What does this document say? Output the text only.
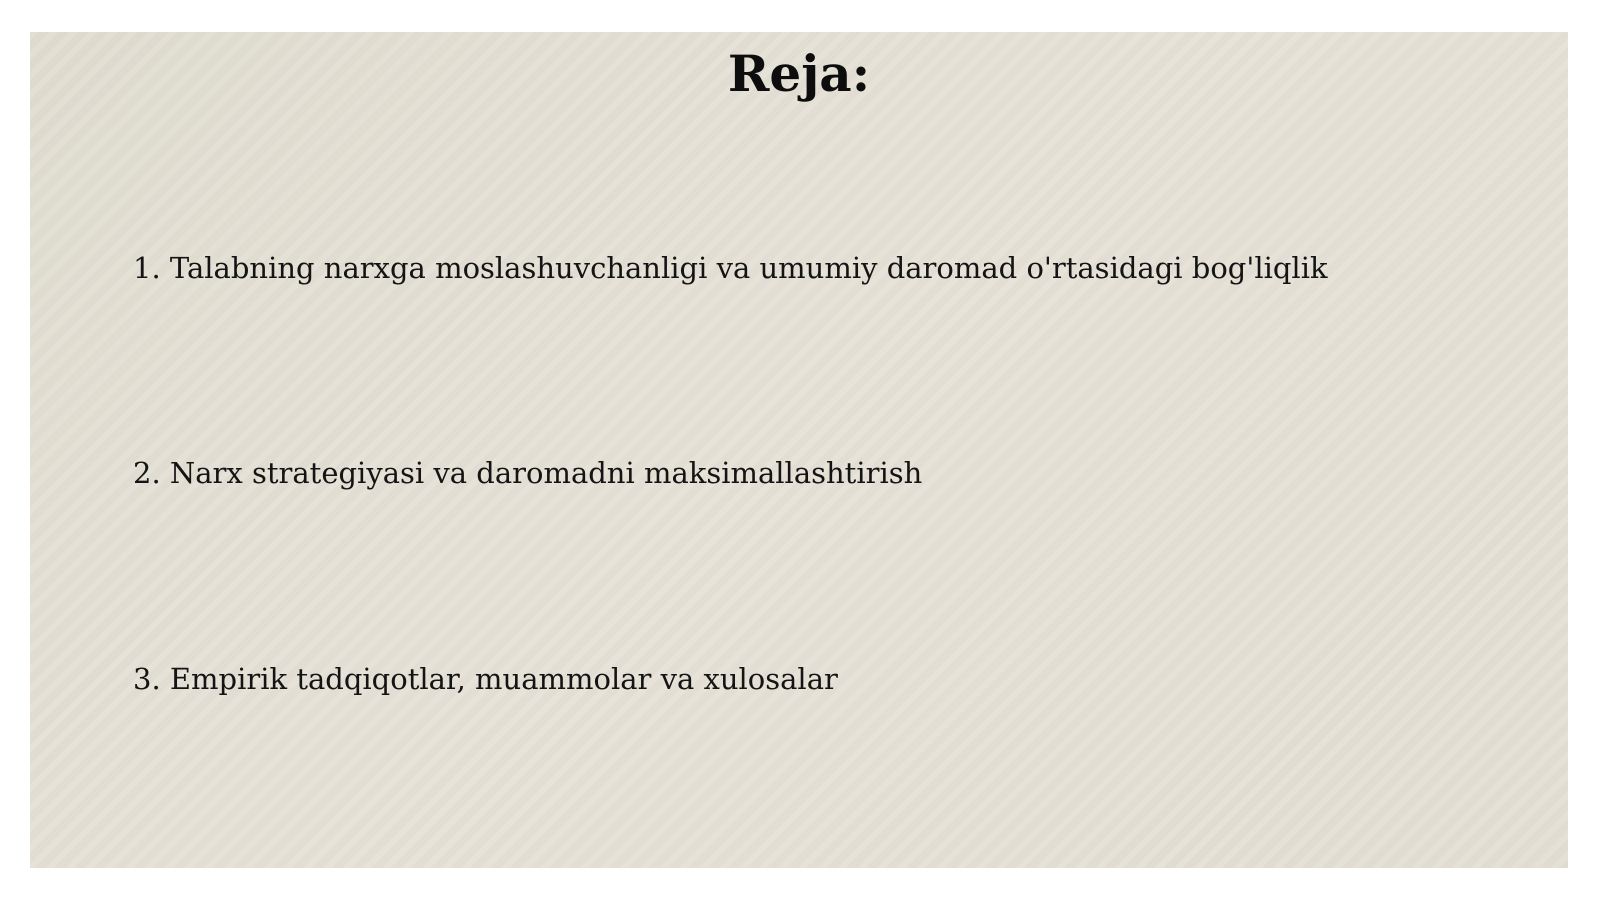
Reja:

1. Talabning narxga moslashuvchanligi va umumiy daromad o'rtasidagi bog'liqlik

2. Narx strategiyasi va daromadni maksimallashtirish

3. Empirik tadqiqotlar, muammolar va xulosalar
